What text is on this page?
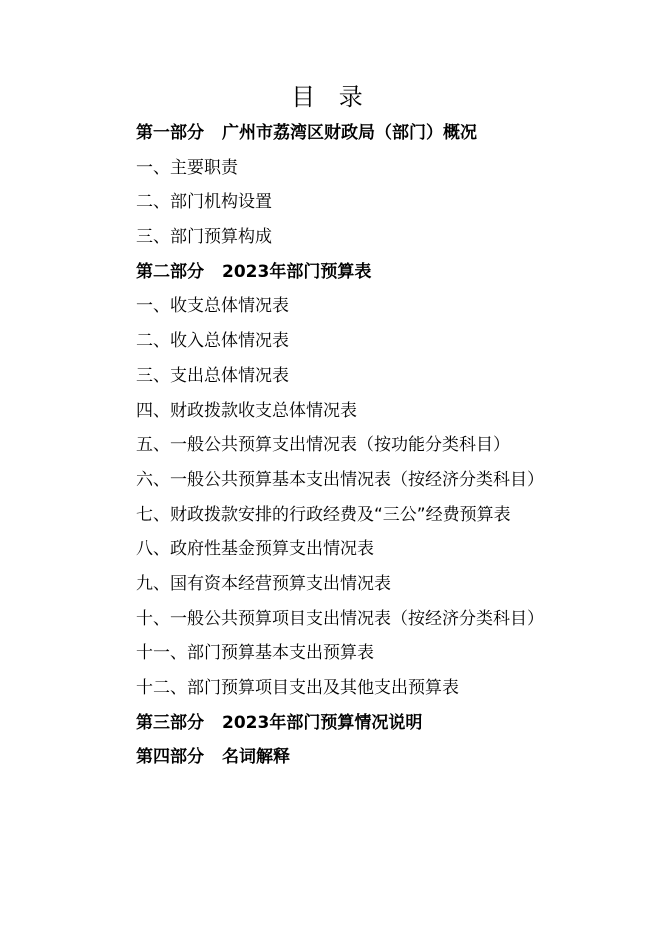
目 录
第一部分 广州市荔湾区财政局（部门）概况
一、主要职责
二、部门机构设置
三、部门预算构成
第二部分 2023年部门预算表
一、收支总体情况表
二、收入总体情况表
三、支出总体情况表
四、财政拨款收支总体情况表
五、一般公共预算支出情况表（按功能分类科目）
六、一般公共预算基本支出情况表（按经济分类科目）
七、财政拨款安排的行政经费及“三公”经费预算表
八、政府性基金预算支出情况表
九、国有资本经营预算支出情况表
十、一般公共预算项目支出情况表（按经济分类科目）
十一、部门预算基本支出预算表
十二、部门预算项目支出及其他支出预算表
第三部分 2023年部门预算情况说明
第四部分 名词解释
